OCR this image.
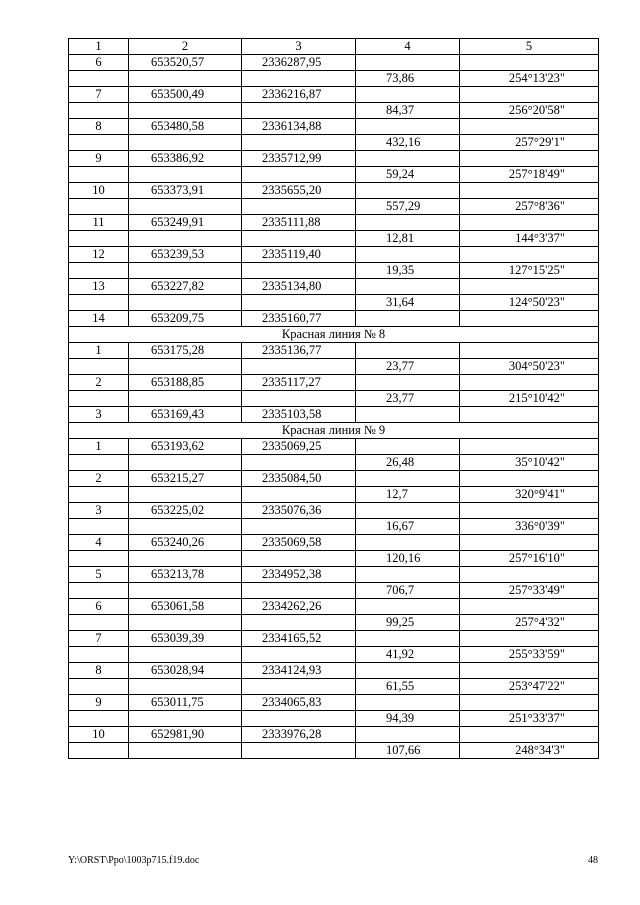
1	2	3	4	5
6	653520,57	2336287,95		
			73,86	254°13'23"
7	653500,49	2336216,87		
			84,37	256°20'58"
8	653480,58	2336134,88		
			432,16	257°29'1"
9	653386,92	2335712,99		
			59,24	257°18'49"
10	653373,91	2335655,20		
			557,29	257°8'36"
11	653249,91	2335111,88		
			12,81	144°3'37"
12	653239,53	2335119,40		
			19,35	127°15'25"
13	653227,82	2335134,80		
			31,64	124°50'23"
14	653209,75	2335160,77		
Красная линия № 8				
1	653175,28	2335136,77		
			23,77	304°50'23"
2	653188,85	2335117,27		
			23,77	215°10'42"
3	653169,43	2335103,58		
Красная линия № 9				
1	653193,62	2335069,25		
			26,48	35°10'42"
2	653215,27	2335084,50		
			12,7	320°9'41"
3	653225,02	2335076,36		
			16,67	336°0'39"
4	653240,26	2335069,58		
			120,16	257°16'10"
5	653213,78	2334952,38		
			706,7	257°33'49"
6	653061,58	2334262,26		
			99,25	257°4'32"
7	653039,39	2334165,52		
			41,92	255°33'59"
8	653028,94	2334124,93		
			61,55	253°47'22"
9	653011,75	2334065,83		
			94,39	251°33'37"
10	652981,90	2333976,28		
			107,66	248°34'3"
Y:\ORST\Ppo\1003p715.f19.doc	48
